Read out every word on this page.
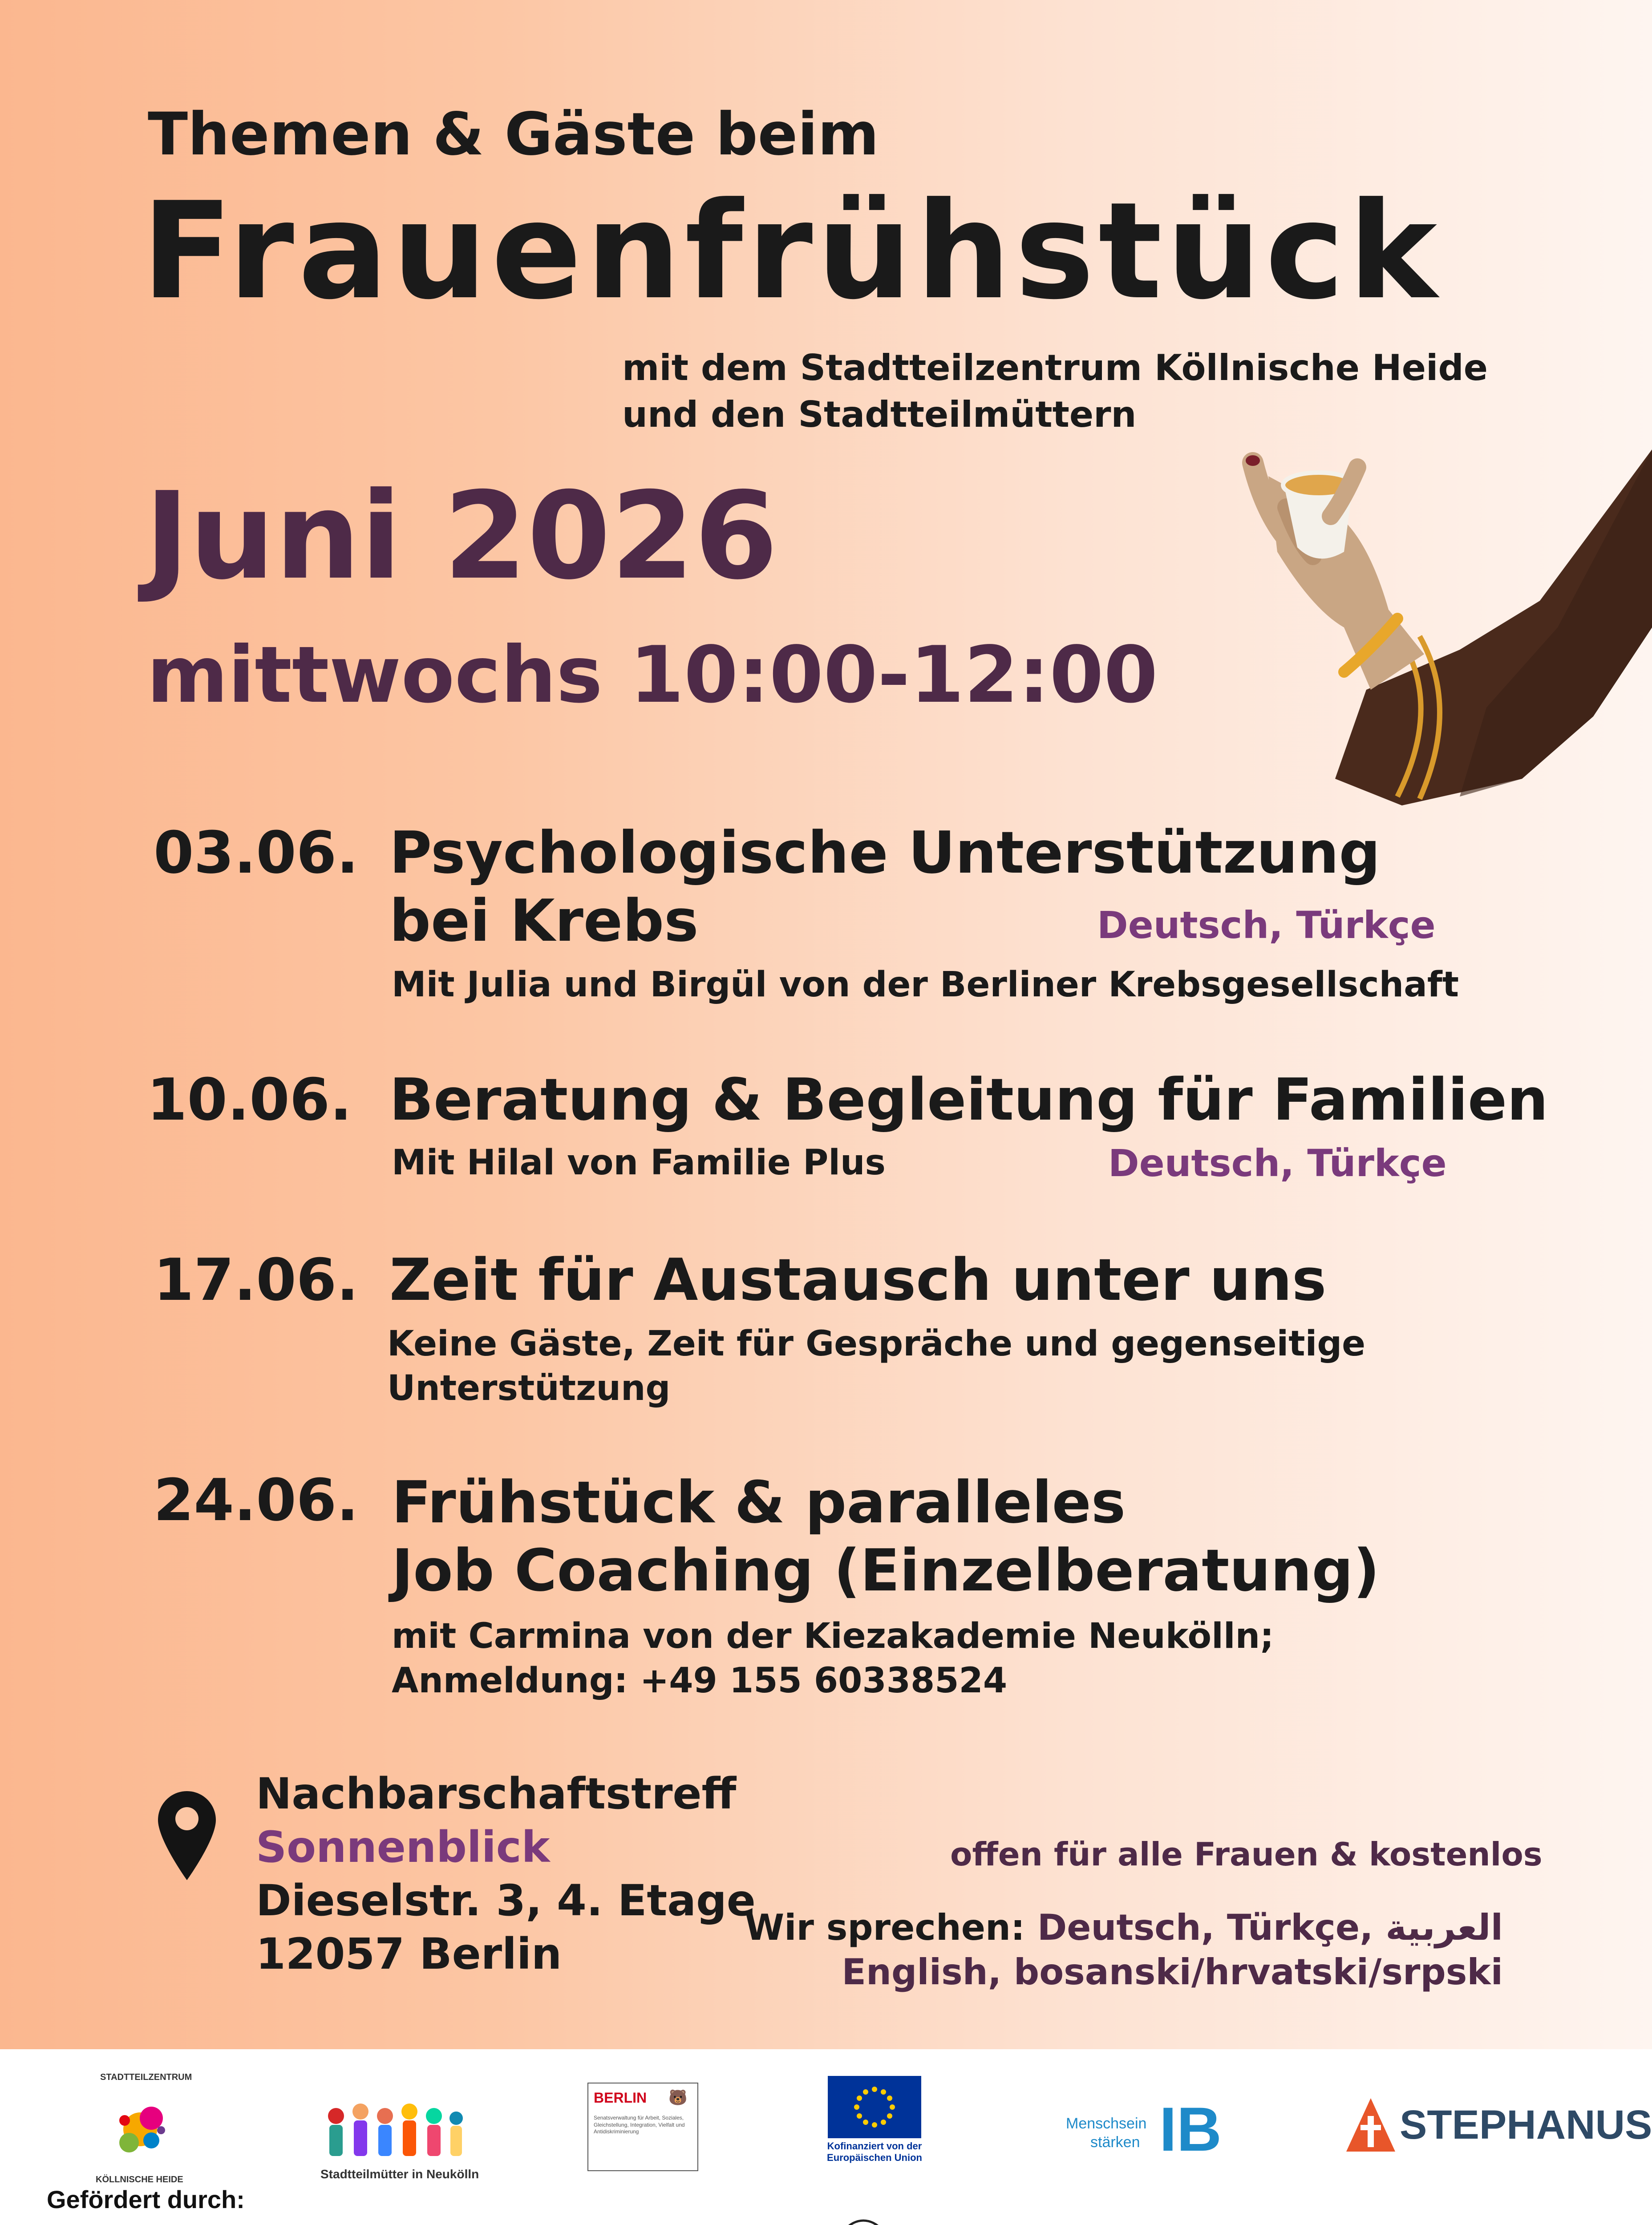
Themen & Gäste beim
Frauenfrühstück
mit dem Stadtteilzentrum Köllnische Heide
und den Stadtteilmüttern
Juni 2026
mittwochs 10:00-12:00
03.06. Psychologische Unterstützung
bei Krebs	Deutsch, Türkçe
Mit Julia und Birgül von der Berliner Krebsgesellschaft
10.06. Beratung & Begleitung für Familien
Mit Hilal von Familie Plus	Deutsch, Türkçe
17.06. Zeit für Austausch unter uns
Keine Gäste, Zeit für Gespräche und gegenseitige
Unterstützung
24.06. Frühstück & paralleles
Job Coaching (Einzelberatung)
mit Carmina von der Kiezakademie Neukölln;
Anmeldung: +49 155 60338524
Nachbarschaftstreff
Sonnenblick
Dieselstr. 3, 4. Etage
12057 Berlin
offen für alle Frauen & kostenlos
Wir sprechen: Deutsch, Türkçe, العربية
English, bosanski/hrvatski/srpski
STADTTEILZENTRUM
KÖLLNISCHE HEIDE	Stadtteilmütter in Neukölln
BERLIN 🐻
Senatsverwaltung für Arbeit, Soziales, Gleichstellung, Integration, Vielfalt und Antidiskriminierung
Kofinanziert von der Europäischen Union
Menschsein
stärken IB	STEPHANUS
Gefördert durch:
